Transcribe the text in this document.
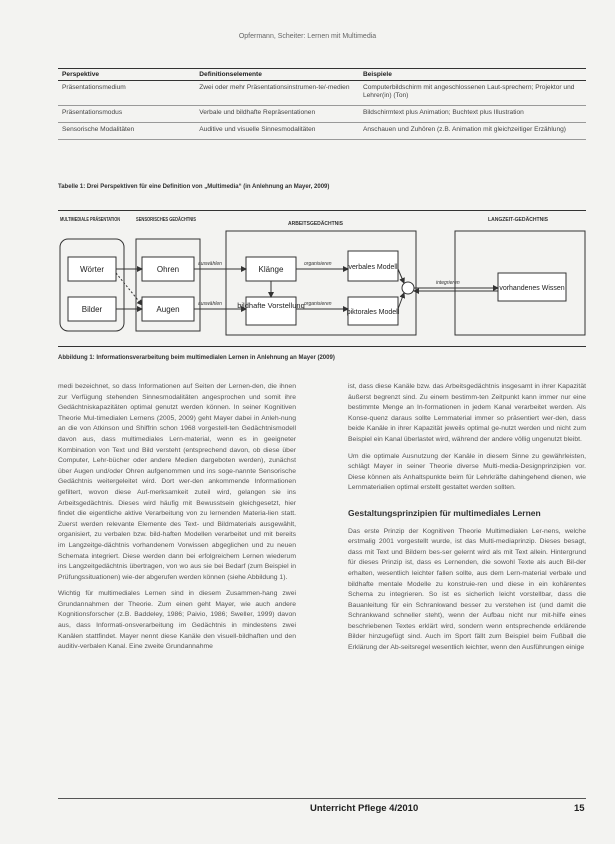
Opfermann, Scheiter: Lernen mit Multimedia
Perspektive	Definitionselemente	Beispiele
Präsentationsmedium	Zwei oder mehr Präsentationsinstrumen-te/-medien	Computerbildschirm mit angeschlossenen Laut-sprechern; Projektor und Lehrer(in) (Ton)
Präsentationsmodus	Verbale und bildhafte Repräsentationen	Bildschirmtext plus Animation; Buchtext plus Illustration
Sensorische Modalitäten	Auditive und visuelle Sinnesmodalitäten	Anschauen und Zuhören (z.B. Animation mit gleichzeitiger Erzählung)
Tabelle 1: Drei Perspektiven für eine Definition von „Multimedia“ (in Anlehnung an Mayer, 2009)
MULTIMEDIALE PRÄSENTATION
SENSORISCHES GEDÄCHTNIS
ARBEITSGEDÄCHTNIS
LANGZEIT-GEDÄCHTNIS
Wörter
Bilder
Ohren
Augen
Klänge
bildhafte Vorstellung
verbales Modell
piktorales Modell
auswählen
auswählen
organisieren
organisieren
vorhandenes Wissen
integrieren
Abbildung 1: Informationsverarbeitung beim multimedialen Lernen in Anlehnung an Mayer (2009)

medi bezeichnet, so dass Informationen auf Seiten der Lernen-den, die ihnen zur Verfügung stehenden Sinnesmodalitäten angesprochen und somit ihre Gedächtniskapazitäten optimal genutzt werden können. In seiner Kognitiven Theorie Mul-timedialen Lernens (2005, 2009) geht Mayer dabei in Anleh-nung an die von Atkinson und Shiffrin schon 1968 vorgestell-ten Gedächtnismodell davon aus, dass multimediales Lern-material, wenn es in geeigneter Kombination von Text und Bild versteht (entsprechend davon, ob diese über Computer, Lehr-bücher oder andere Medien dargeboten werden), zunächst über Augen und/oder Ohren aufgenommen und ins soge-nannte Sensorische Gedächtnis weitergeleitet wird. Dort wer-den ankommende Informationen gefiltert, wovon diese Auf-merksamkeit zuteil wird, gelangen sie ins Arbeitsgedächtnis. Dieses wird häufig mit Bewusstsein gleichgesetzt, hier findet die eigentliche aktive Verarbeitung von zu lernenden Materia-lien statt. Zuerst werden relevante Elemente des Text- und Bildmaterials ausgewählt, organisiert, zu verbalen bzw. bild-haften Modellen verarbeitet und mit bereits im Langzeitge-dächtnis vorhandenem Vorwissen abgeglichen und zu neuen Schemata integriert. Diese werden dann bei erfolgreichem Lernen wiederum ins Langzeitgedächtnis übertragen, von wo aus sie bei Bedarf (zum Beispiel in Prüfungssituationen) wie-der abgerufen werden können (siehe Abbildung 1).

Wichtig für multimediales Lernen sind in diesem Zusammen-hang zwei Grundannahmen der Theorie. Zum einen geht Mayer, wie auch andere Kognitionsforscher (z.B. Baddeley, 1986; Paivio, 1986; Sweller, 1999) davon aus, dass Informati-onsverarbeitung im Gedächtnis in mindestens zwei Kanälen stattfindet. Mayer nennt diese Kanäle den visuell-bildhaften und den auditiv-verbalen Kanal. Eine zweite Grundannahme

ist, dass diese Kanäle bzw. das Arbeitsgedächtnis insgesamt in ihrer Kapazität äußerst begrenzt sind. Zu einem bestimm-ten Zeitpunkt kann immer nur eine bestimmte Menge an In-formationen in jedem Kanal verarbeitet werden. Als Konse-quenz daraus sollte Lernmaterial immer so präsentiert wer-den, dass beide Kanäle in ihrer Kapazität jeweils optimal ge-nutzt werden und nicht zum Beispiel ein Kanal überlastet wird, während der andere völlig ungenutzt bleibt.

Um die optimale Ausnutzung der Kanäle in diesem Sinne zu gewährleisten, schlägt Mayer in seiner Theorie diverse Multi-media-Designprinzipien vor. Diese können als Anhaltspunkte beim für Lehrkräfte dahingehend dienen, wie Lernmaterialien optimal erstellt gestaltet werden sollten.

Gestaltungsprinzipien für multimediales Lernen

Das erste Prinzip der Kognitiven Theorie Multimedialen Ler-nens, welche erstmalig 2001 vorgestellt wurde, ist das Multi-mediaprinzip. Dieses besagt, dass mit Text und Bildern bes-ser gelernt wird als mit Text allein. Hintergrund für dieses Prinzip ist, dass es Lernenden, die sowohl Texte als auch Bil-der erhalten, wesentlich leichter fallen sollte, aus dem Lern-material verbale und bildhafte mentale Modelle zu konstruie-ren und diese in ein kohärentes Schema zu integrieren. So ist es sicherlich leicht vorstellbar, dass die Bauanleitung für ein Schrankwand besser zu verstehen ist (und damit die Schrankwand schneller steht), wenn der Aufbau nicht nur mit-hilfe eines beschriebenen Textes erklärt wird, sondern wenn entsprechende erklärende Bilder hinzugefügt sind. Auch im Sport fällt zum Beispiel beim Fußball die Erklärung der Ab-seitsregel wesentlich leichter, wenn den Ausführungen einige

Unterricht Pflege 4/2010	15
